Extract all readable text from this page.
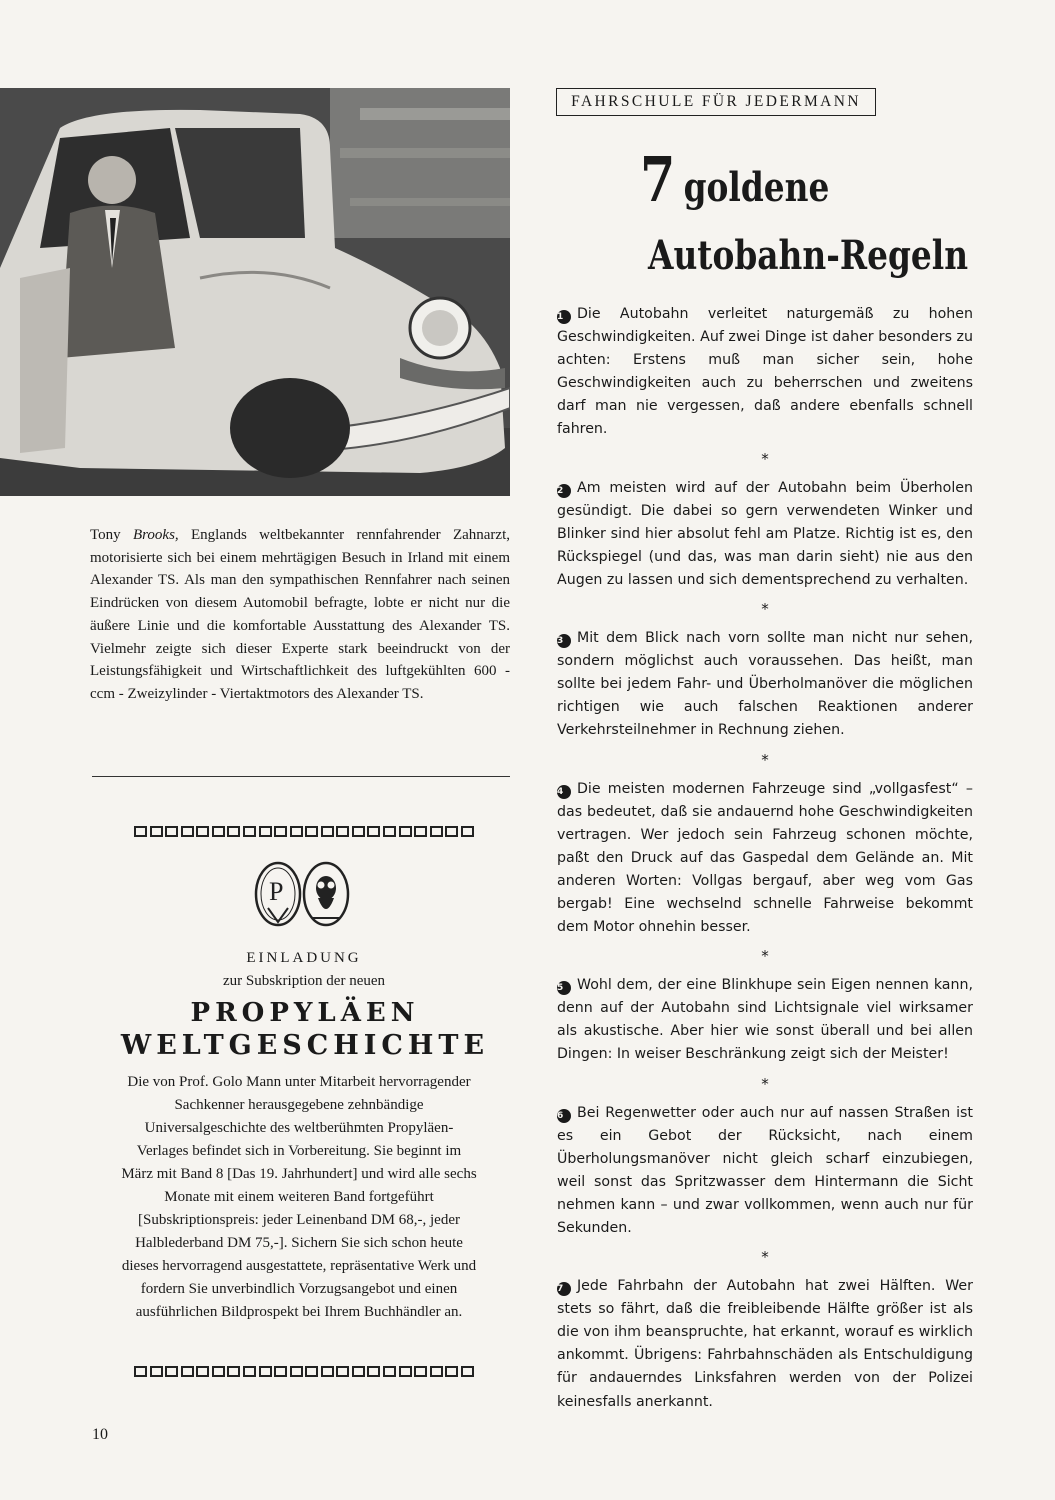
Tony Brooks, Englands weltbekannter rennfahrender Zahnarzt, motorisierte sich bei einem mehrtägigen Besuch in Irland mit einem Alexander TS. Als man den sympathischen Rennfahrer nach seinen Eindrücken von diesem Automobil befragte, lobte er nicht nur die äußere Linie und die komfortable Ausstattung des Alexander TS. Vielmehr zeigte sich dieser Experte stark beeindruckt von der Leistungsfähigkeit und Wirtschaftlichkeit des luftgekühlten 600 - ccm - Zweizylinder - Viertaktmotors des Alexander TS.

P
EINLADUNG
zur Subskription der neuen
PROPYLÄEN
WELTGESCHICHTE

Die von Prof. Golo Mann unter Mitarbeit hervorragender Sachkenner herausgegebene zehnbändige Universalgeschichte des weltberühmten Propyläen-Verlages befindet sich in Vorbereitung. Sie beginnt im März mit Band 8 [Das 19. Jahrhundert] und wird alle sechs Monate mit einem weiteren Band fortgeführt [Subskriptionspreis: jeder Leinenband DM 68,-, jeder Halblederband DM 75,-]. Sichern Sie sich schon heute dieses hervorragend ausgestattete, repräsentative Werk und fordern Sie unverbindlich Vorzugsangebot und einen ausführlichen Bildprospekt bei Ihrem Buchhändler an.

10
FAHRSCHULE FÜR JEDERMANN
7 goldene
Autobahn-Regeln

1 Die Autobahn verleitet naturgemäß zu hohen Geschwindigkeiten. Auf zwei Dinge ist daher besonders zu achten: Erstens muß man sicher sein, hohe Geschwindigkeiten auch zu beherrschen und zweitens darf man nie vergessen, daß andere ebenfalls schnell fahren.

*

2 Am meisten wird auf der Autobahn beim Überholen gesündigt. Die dabei so gern verwendeten Winker und Blinker sind hier absolut fehl am Platze. Richtig ist es, den Rückspiegel (und das, was man darin sieht) nie aus den Augen zu lassen und sich dementsprechend zu verhalten.

*

3 Mit dem Blick nach vorn sollte man nicht nur sehen, sondern möglichst auch voraussehen. Das heißt, man sollte bei jedem Fahr- und Überholmanöver die möglichen richtigen wie auch falschen Reaktionen anderer Verkehrsteilnehmer in Rechnung ziehen.

*

4 Die meisten modernen Fahrzeuge sind „vollgasfest“ – das bedeutet, daß sie andauernd hohe Geschwindigkeiten vertragen. Wer jedoch sein Fahrzeug schonen möchte, paßt den Druck auf das Gaspedal dem Gelände an. Mit anderen Worten: Vollgas bergauf, aber weg vom Gas bergab! Eine wechselnd schnelle Fahrweise bekommt dem Motor ohnehin besser.

*

5 Wohl dem, der eine Blinkhupe sein Eigen nennen kann, denn auf der Autobahn sind Lichtsignale viel wirksamer als akustische. Aber hier wie sonst überall und bei allen Dingen: In weiser Beschränkung zeigt sich der Meister!

*

6 Bei Regenwetter oder auch nur auf nassen Straßen ist es ein Gebot der Rücksicht, nach einem Überholungsmanöver nicht gleich scharf einzubiegen, weil sonst das Spritzwasser dem Hintermann die Sicht nehmen kann – und zwar vollkommen, wenn auch nur für Sekunden.

*

7 Jede Fahrbahn der Autobahn hat zwei Hälften. Wer stets so fährt, daß die freibleibende Hälfte größer ist als die von ihm beanspruchte, hat erkannt, worauf es wirklich ankommt. Übrigens: Fahrbahnschäden als Entschuldigung für andauerndes Linksfahren werden von der Polizei keinesfalls anerkannt.
